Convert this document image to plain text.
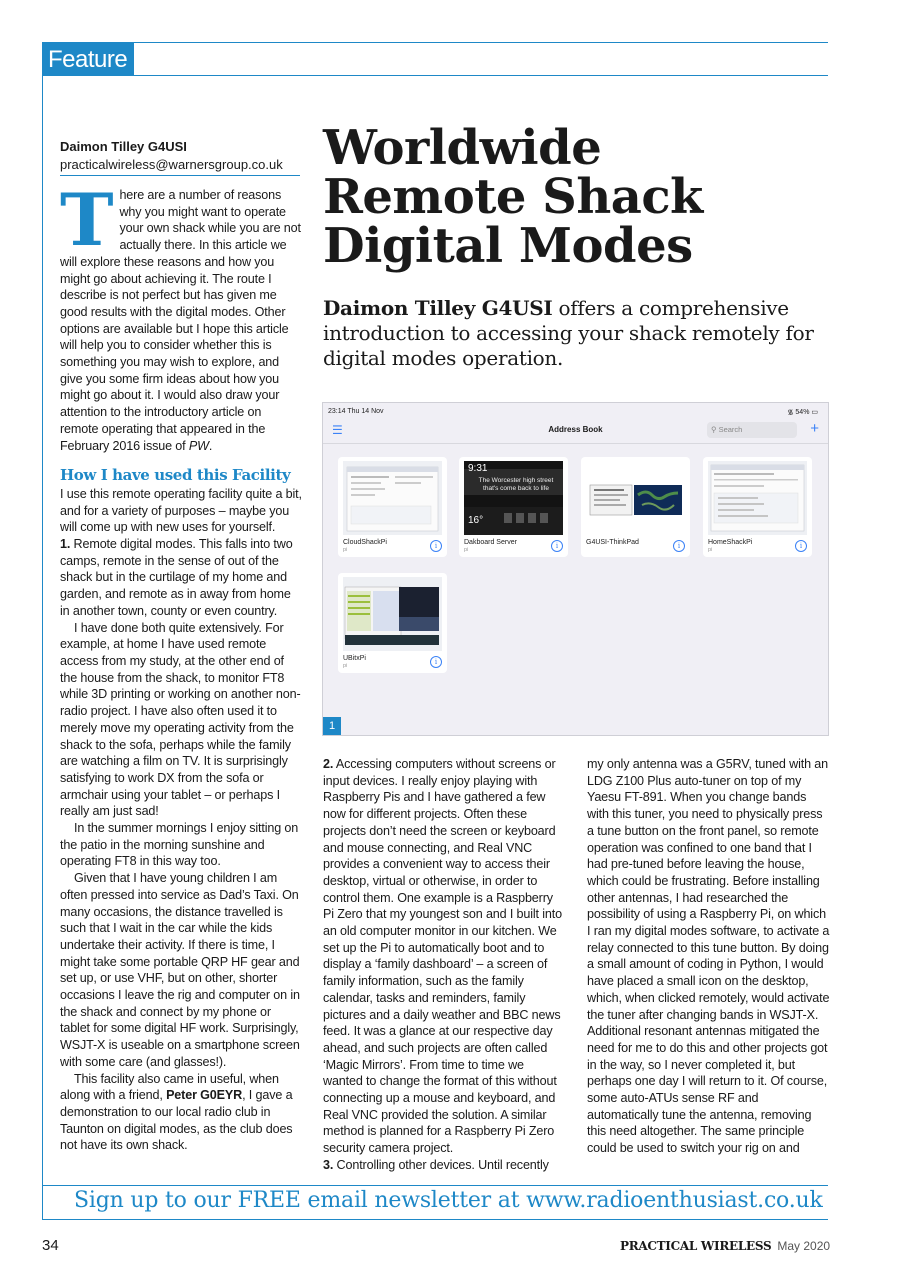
Feature
Daimon Tilley G4USI
practicalwireless@warnersgroup.co.uk Worldwide
Remote Shack
Digital Modes
Daimon Tilley G4USI offers a comprehensive introduction to accessing your shack remotely for digital modes operation.

There are a number of reasons why you might want to operate your own shack while you are not actually there. In this article we will explore these reasons and how you might go about achieving it. The route I describe is not perfect but has given me good results with the digital modes. Other options are available but I hope this article will help you to consider whether this is something you may wish to explore, and give you some firm ideas about how you might go about it. I would also draw your attention to the introductory article on remote operating that appeared in the February 2016 issue of PW.

How I have used this Facility

I use this remote operating facility quite a bit, and for a variety of purposes – maybe you will come up with new uses for yourself.

1. Remote digital modes. This falls into two camps, remote in the sense of out of the shack but in the curtilage of my home and garden, and remote as in away from home in another town, county or even country.

I have done both quite extensively. For example, at home I have used remote access from my study, at the other end of the house from the shack, to monitor FT8 while 3D printing or working on another non-radio project. I have also often used it to merely move my operating activity from the shack to the sofa, perhaps while the family are watching a film on TV. It is surprisingly satisfying to work DX from the sofa or armchair using your tablet – or perhaps I really am just sad!

In the summer mornings I enjoy sitting on the patio in the morning sunshine and operating FT8 in this way too.

Given that I have young children I am often pressed into service as Dad’s Taxi. On many occasions, the distance travelled is such that I wait in the car while the kids undertake their activity. If there is time, I might take some portable QRP HF gear and set up, or use VHF, but on other, shorter occasions I leave the rig and computer on in the shack and connect by my phone or tablet for some digital HF work. Surprisingly, WSJT-X is useable on a smartphone screen with some care (and glasses!).

This facility also came in useful, when along with a friend, Peter G0EYR, I gave a demonstration to our local radio club in Taunton on digital modes, as the club does not have its own shack.

23:14 Thu 14 Nov	᯾ 54% ▭
☰	Address Book	⚲ Search	+
CloudShackPi
pi	i
9:31
The Worcester high street that's come back to life
16°
Dakboard Server
pi	i	G4USI-ThinkPad	i	HomeShackPi
pi	i
UBitxPi
pi	i
1

2. Accessing computers without screens or input devices. I really enjoy playing with Raspberry Pis and I have gathered a few now for different projects. Often these projects don’t need the screen or keyboard and mouse connecting, and Real VNC provides a convenient way to access their desktop, virtual or otherwise, in order to control them. One example is a Raspberry Pi Zero that my youngest son and I built into an old computer monitor in our kitchen. We set up the Pi to automatically boot and to display a ‘family dashboard’ – a screen of family information, such as the family calendar, tasks and reminders, family pictures and a daily weather and BBC news feed. It was a glance at our respective day ahead, and such projects are often called ‘Magic Mirrors’. From time to time we wanted to change the format of this without connecting up a mouse and keyboard, and Real VNC provided the solution. A similar method is planned for a Raspberry Pi Zero security camera project.

3. Controlling other devices. Until recently

my only antenna was a G5RV, tuned with an LDG Z100 Plus auto-tuner on top of my Yaesu FT-891. When you change bands with this tuner, you need to physically press a tune button on the front panel, so remote operation was confined to one band that I had pre-tuned before leaving the house, which could be frustrating. Before installing other antennas, I had researched the possibility of using a Raspberry Pi, on which I ran my digital modes software, to activate a relay connected to this tune button. By doing a small amount of coding in Python, I would have placed a small icon on the desktop, which, when clicked remotely, would activate the tuner after changing bands in WSJT-X. Additional resonant antennas mitigated the need for me to do this and other projects got in the way, so I never completed it, but perhaps one day I will return to it. Of course, some auto-ATUs sense RF and automatically tune the antenna, removing this need altogether. The same principle could be used to switch your rig on and

Sign up to our FREE email newsletter at www.radioenthusiast.co.uk
34	PRACTICAL WIRELESS May 2020
